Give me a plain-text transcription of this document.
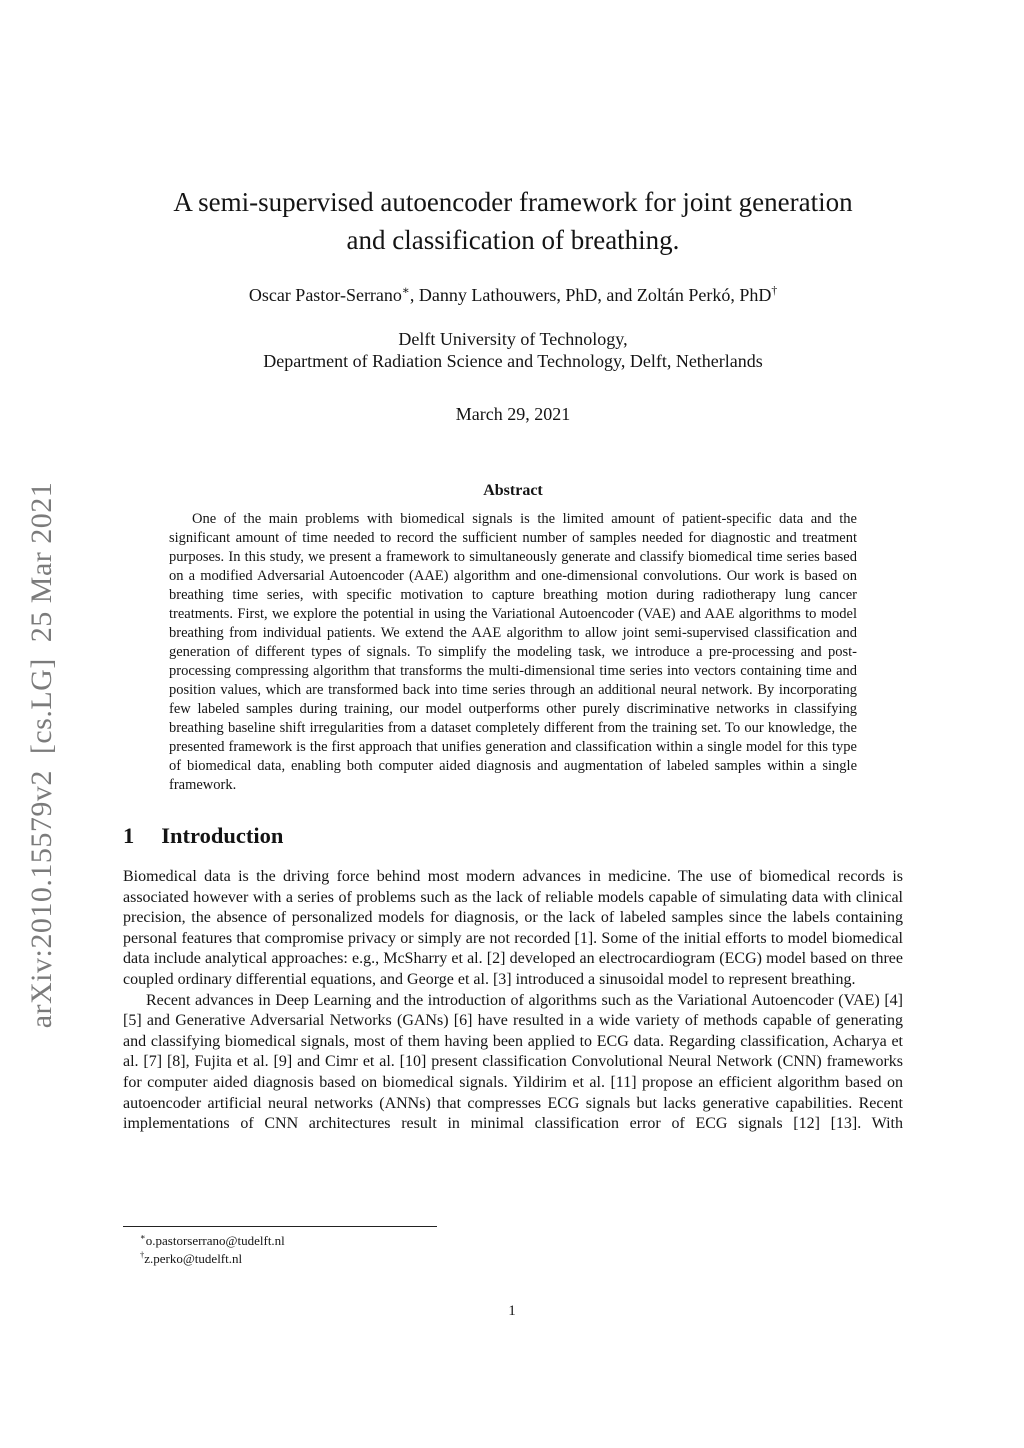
arXiv:2010.15579v2  [cs.LG]  25 Mar 2021
A semi-supervised autoencoder framework for joint generation
and classification of breathing.
Oscar Pastor-Serrano∗, Danny Lathouwers, PhD, and Zoltán Perkó, PhD†
Delft University of Technology,
Department of Radiation Science and Technology, Delft, Netherlands
March 29, 2021
Abstract

One of the main problems with biomedical signals is the limited amount of patient-specific data and the significant amount of time needed to record the sufficient number of samples needed for diagnostic and treatment purposes. In this study, we present a framework to simultaneously generate and classify biomedical time series based on a modified Adversarial Autoencoder (AAE) algorithm and one-dimensional convolutions. Our work is based on breathing time series, with specific motivation to capture breathing motion during radiotherapy lung cancer treatments. First, we explore the potential in using the Variational Autoencoder (VAE) and AAE algorithms to model breathing from individual patients. We extend the AAE algorithm to allow joint semi-supervised classification and generation of different types of signals. To simplify the modeling task, we introduce a pre-processing and post-processing compressing algorithm that transforms the multi-dimensional time series into vectors containing time and position values, which are transformed back into time series through an additional neural network. By incorporating few labeled samples during training, our model outperforms other purely discriminative networks in classifying breathing baseline shift irregularities from a dataset completely different from the training set. To our knowledge, the presented framework is the first approach that unifies generation and classification within a single model for this type of biomedical data, enabling both computer aided diagnosis and augmentation of labeled samples within a single framework.

1 Introduction

Biomedical data is the driving force behind most modern advances in medicine. The use of biomedical records is associated however with a series of problems such as the lack of reliable models capable of simulating data with clinical precision, the absence of personalized models for diagnosis, or the lack of labeled samples since the labels containing personal features that compromise privacy or simply are not recorded [1]. Some of the initial efforts to model biomedical data include analytical approaches: e.g., McSharry et al. [2] developed an electrocardiogram (ECG) model based on three coupled ordinary differential equations, and George et al. [3] introduced a sinusoidal model to represent breathing.

Recent advances in Deep Learning and the introduction of algorithms such as the Variational Autoencoder (VAE) [4][5] and Generative Adversarial Networks (GANs) [6] have resulted in a wide variety of methods capable of generating and classifying biomedical signals, most of them having been applied to ECG data. Regarding classification, Acharya et al. [7] [8], Fujita et al. [9] and Cimr et al. [10] present classification Convolutional Neural Network (CNN) frameworks for computer aided diagnosis based on biomedical signals. Yildirim et al. [11] propose an efficient algorithm based on autoencoder artificial neural networks (ANNs) that compresses ECG signals but lacks generative capabilities. Recent implementations of CNN architectures result in minimal classification error of ECG signals [12] [13]. With

∗o.pastorserrano@tudelft.nl
†z.perko@tudelft.nl
1
